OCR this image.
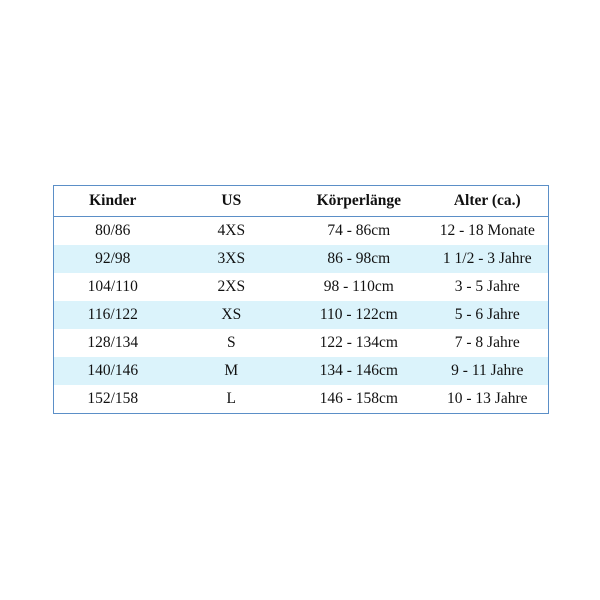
Kinder	US	Körperlänge	Alter (ca.)
80/86	4XS	74 - 86cm	12 - 18 Monate
92/98	3XS	86 - 98cm	1 1/2 - 3 Jahre
104/110	2XS	98 - 110cm	3 - 5 Jahre
116/122	XS	110 - 122cm	5 - 6 Jahre
128/134	S	122 - 134cm	7 - 8 Jahre
140/146	M	134 - 146cm	9 - 11 Jahre
152/158	L	146 - 158cm	10 - 13 Jahre
